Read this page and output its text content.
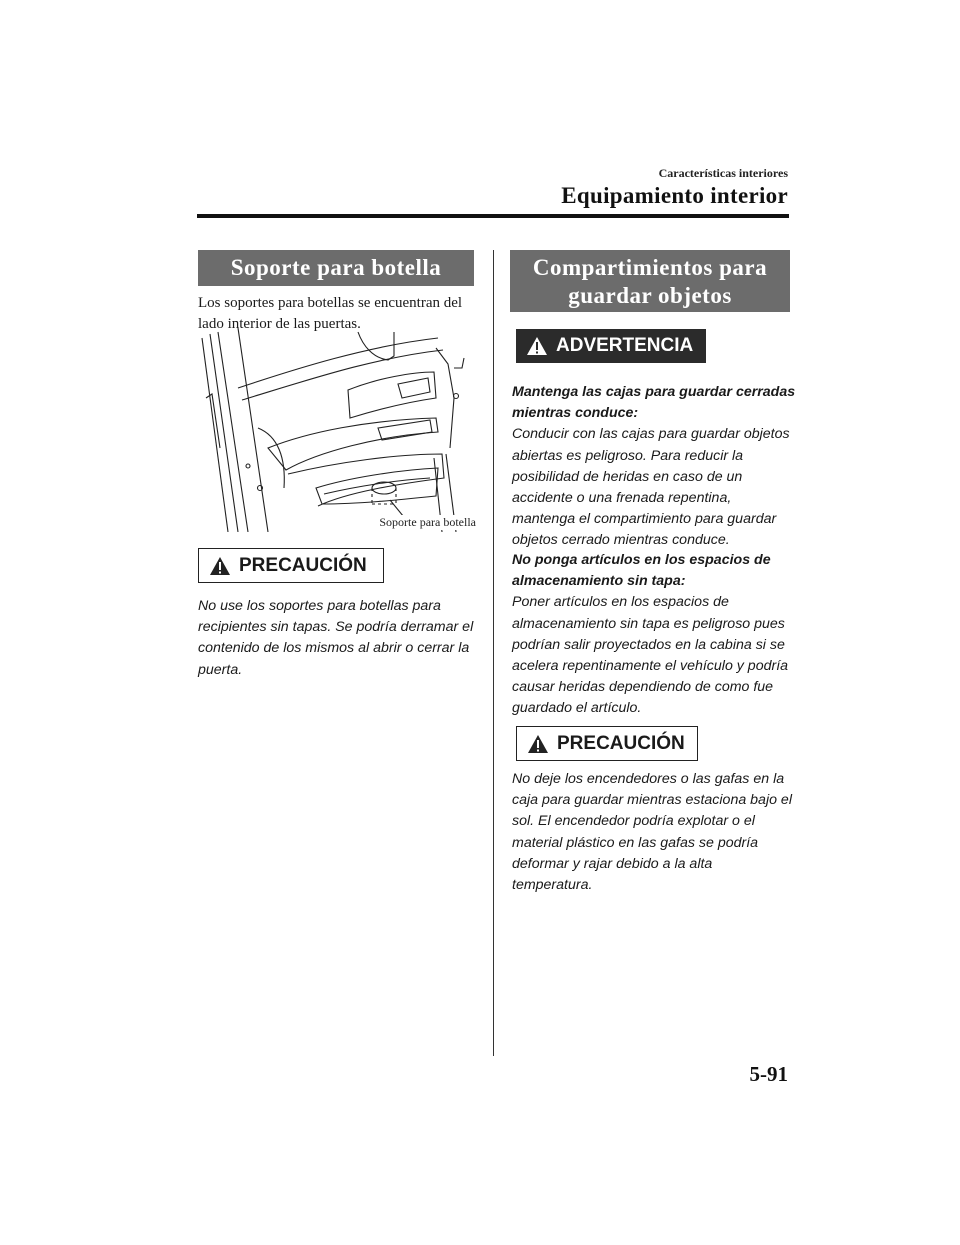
Características interiores
Equipamiento interior
Soporte para botella
Los soportes para botellas se encuentran del lado interior de las puertas.
Soporte para botella
PRECAUCIÓN
No use los soportes para botellas para recipientes sin tapas. Se podría derramar el contenido de los mismos al abrir o cerrar la puerta.
Compartimientos para
guardar objetos
ADVERTENCIA
Mantenga las cajas para guardar cerradas mientras conduce:
Conducir con las cajas para guardar objetos abiertas es peligroso. Para reducir la posibilidad de heridas en caso de un accidente o una frenada repentina, mantenga el compartimiento para guardar objetos cerrado mientras conduce.
No ponga artículos en los espacios de almacenamiento sin tapa:
Poner artículos en los espacios de almacenamiento sin tapa es peligroso pues podrían salir proyectados en la cabina si se acelera repentinamente el vehículo y podría causar heridas dependiendo de como fue guardado el artículo.
PRECAUCIÓN
No deje los encendedores o las gafas en la caja para guardar mientras estaciona bajo el sol. El encendedor podría explotar o el material plástico en las gafas se podría deformar y rajar debido a la alta temperatura.
5-91
